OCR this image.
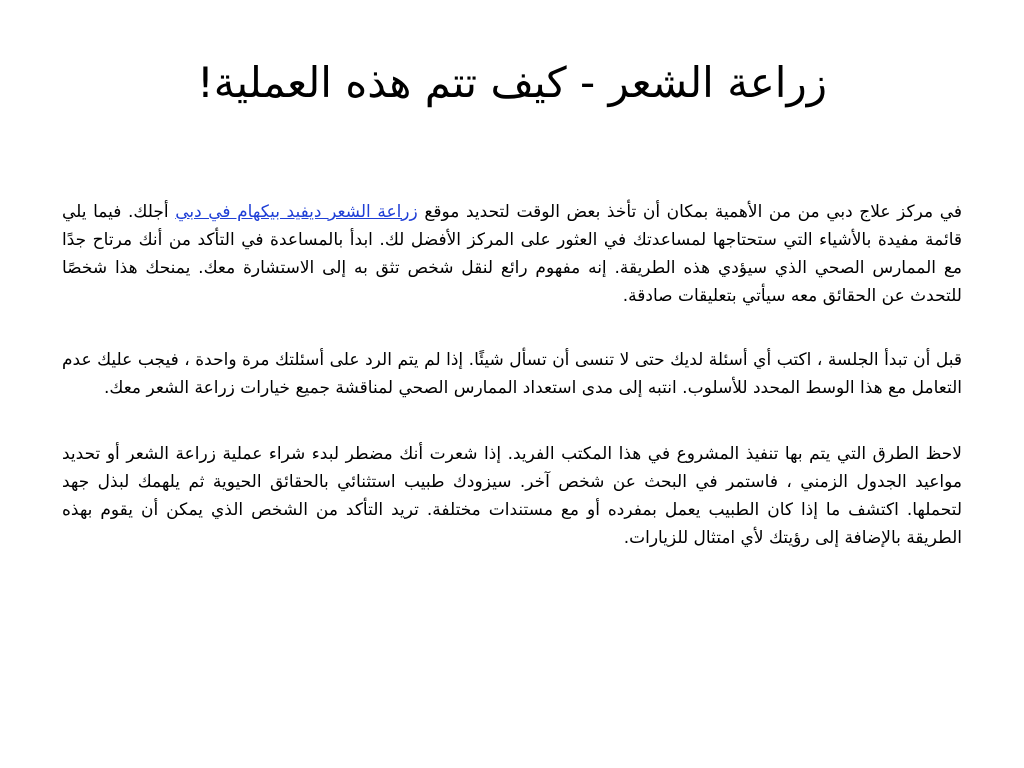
زراعة الشعر - كيف تتم هذه العملية!

في مركز علاج دبي من من الأهمية بمكان أن تأخذ بعض الوقت لتحديد موقع زراعة الشعر ديفيد بيكهام في دبي أجلك. فيما يلي قائمة مفيدة بالأشياء التي ستحتاجها لمساعدتك في العثور على المركز الأفضل لك. ابدأ بالمساعدة في التأكد من أنك مرتاح جدًا مع الممارس الصحي الذي سيؤدي هذه الطريقة. إنه مفهوم رائع لنقل شخص تثق به إلى الاستشارة معك. يمنحك هذا شخصًا للتحدث عن الحقائق معه سيأتي بتعليقات صادقة.

قبل أن تبدأ الجلسة ، اكتب أي أسئلة لديك حتى لا تنسى أن تسأل شيئًا. إذا لم يتم الرد على أسئلتك مرة واحدة ، فيجب عليك عدم التعامل مع هذا الوسط المحدد للأسلوب. انتبه إلى مدى استعداد الممارس الصحي لمناقشة جميع خيارات زراعة الشعر معك.

لاحظ الطرق التي يتم بها تنفيذ المشروع في هذا المكتب الفريد. إذا شعرت أنك مضطر لبدء شراء عملية زراعة الشعر أو تحديد مواعيد الجدول الزمني ، فاستمر في البحث عن شخص آخر. سيزودك طبيب استثنائي بالحقائق الحيوية ثم يلهمك لبذل جهد لتحملها. اكتشف ما إذا كان الطبيب يعمل بمفرده أو مع مستندات مختلفة. تريد التأكد من الشخص الذي يمكن أن يقوم بهذه الطريقة بالإضافة إلى رؤيتك لأي امتثال للزيارات.
